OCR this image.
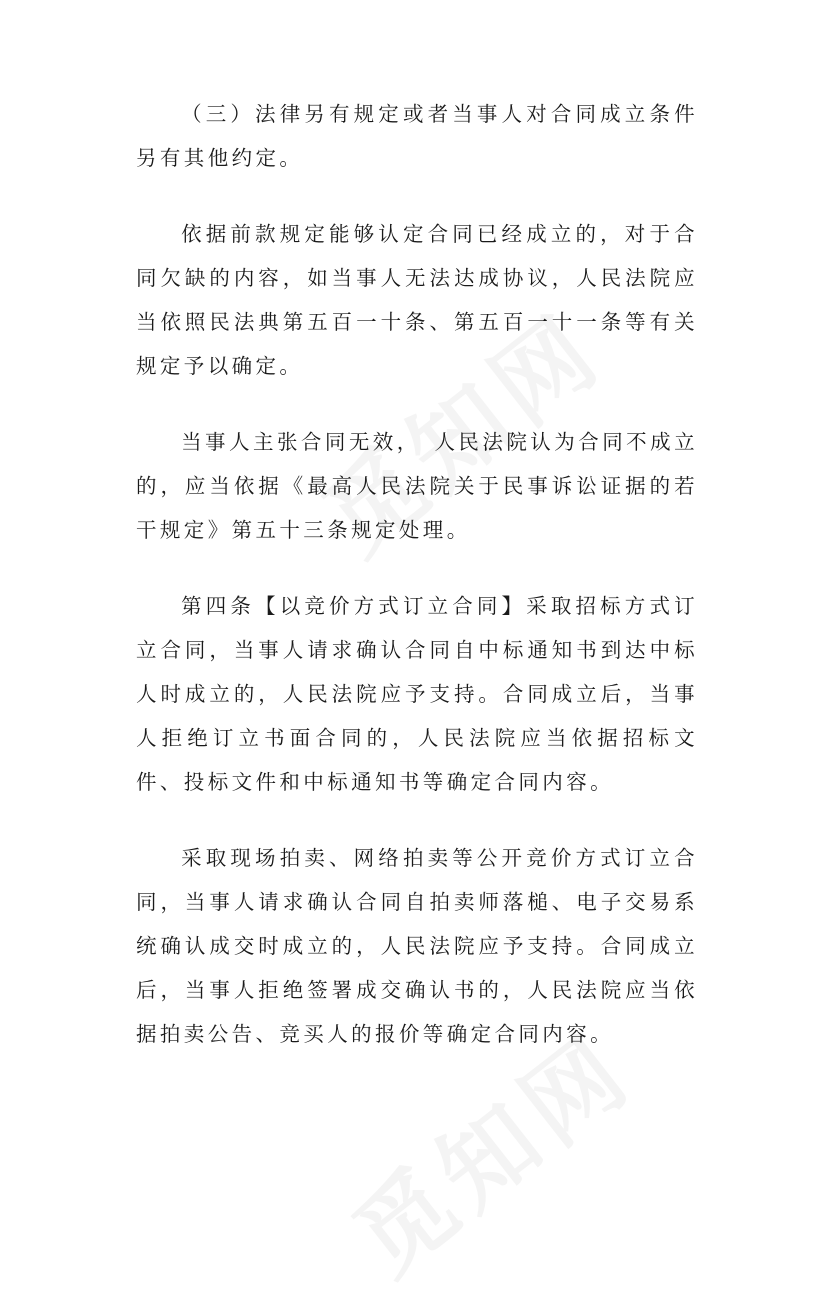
（三）法律另有规定或者当事人对合同成立条件另有其他约定。

依据前款规定能够认定合同已经成立的，对于合同欠缺的内容，如当事人无法达成协议，人民法院应当依照民法典第五百一十条、第五百一十一条等有关规定予以确定。

当事人主张合同无效，　人民法院认为合同不成立的，应当依据《最高人民法院关于民事诉讼证据的若干规定》第五十三条规定处理。

第四条【以竞价方式订立合同】采取招标方式订立合同，当事人请求确认合同自中标通知书到达中标人时成立的，人民法院应予支持。合同成立后，当事人拒绝订立书面合同的，人民法院应当依据招标文件、投标文件和中标通知书等确定合同内容。

采取现场拍卖、网络拍卖等公开竞价方式订立合同，当事人请求确认合同自拍卖师落槌、电子交易系统确认成交时成立的，人民法院应予支持。合同成立后，当事人拒绝签署成交确认书的，人民法院应当依据拍卖公告、竞买人的报价等确定合同内容。
